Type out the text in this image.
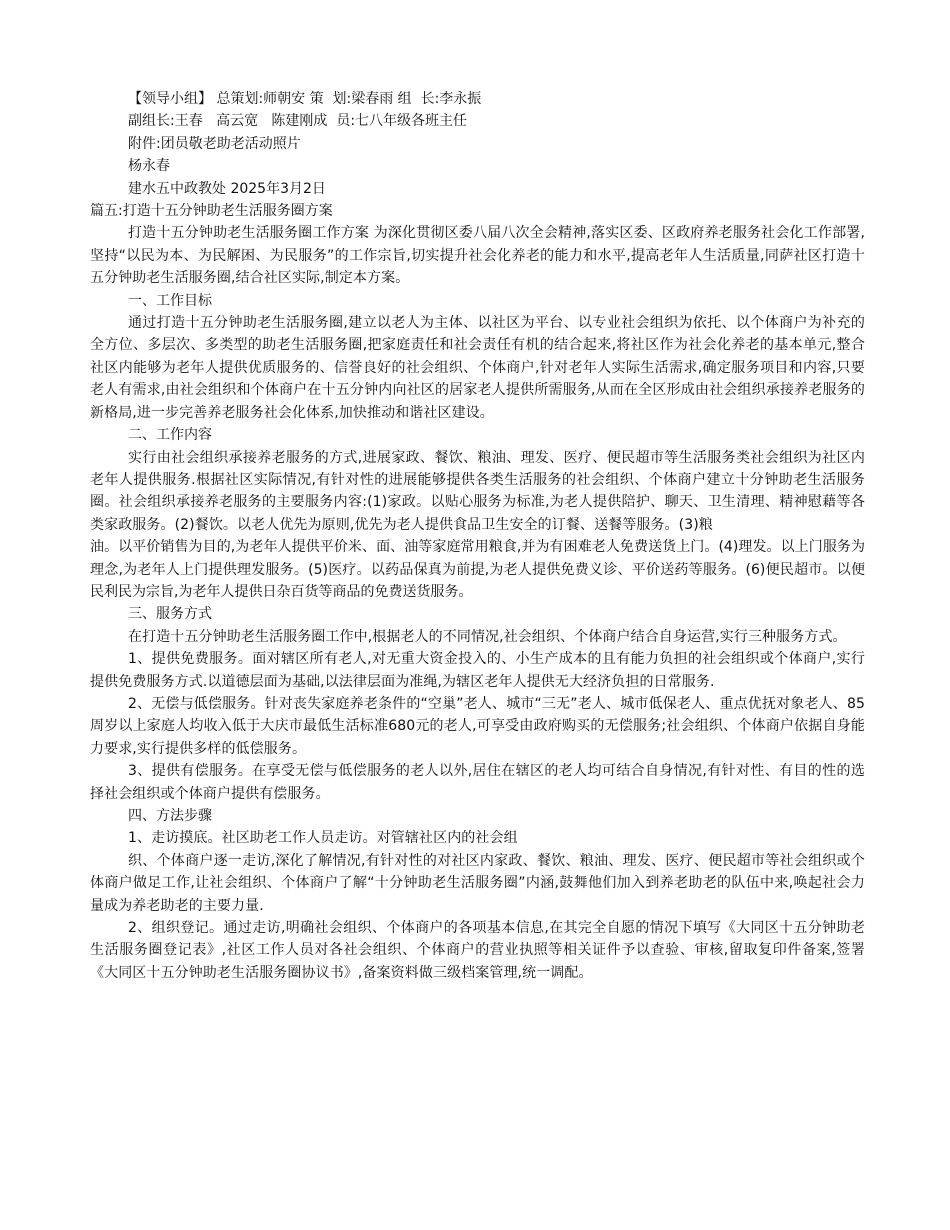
【领导小组】 总策划:师朝安 策  划:梁春雨 组  长:李永振

副组长:王春   高云宽   陈建刚成  员:七八年级各班主任

附件:团员敬老助老活动照片

杨永春

建水五中政教处 2025年3月2日

篇五:打造十五分钟助老生活服务圈方案

打造十五分钟助老生活服务圈工作方案 为深化贯彻区委八届八次全会精神,落实区委、区政府养老服务社会化工作部署,坚持“以民为本、为民解困、为民服务”的工作宗旨,切实提升社会化养老的能力和水平,提高老年人生活质量,同萨社区打造十五分钟助老生活服务圈,结合社区实际,制定本方案。

一、工作目标

通过打造十五分钟助老生活服务圈,建立以老人为主体、以社区为平台、以专业社会组织为依托、以个体商户为补充的全方位、多层次、多类型的助老生活服务圈,把家庭责任和社会责任有机的结合起来,将社区作为社会化养老的基本单元,整合社区内能够为老年人提供优质服务的、信誉良好的社会组织、个体商户,针对老年人实际生活需求,确定服务项目和内容,只要老人有需求,由社会组织和个体商户在十五分钟内向社区的居家老人提供所需服务,从而在全区形成由社会组织承接养老服务的新格局,进一步完善养老服务社会化体系,加快推动和谐社区建设。

二、工作内容

实行由社会组织承接养老服务的方式,进展家政、餐饮、粮油、理发、医疗、便民超市等生活服务类社会组织为社区内老年人提供服务.根据社区实际情况,有针对性的进展能够提供各类生活服务的社会组织、个体商户建立十分钟助老生活服务圈。社会组织承接养老服务的主要服务内容:(1)家政。以贴心服务为标准,为老人提供陪护、聊天、卫生清理、精神慰藉等各类家政服务。(2)餐饮。以老人优先为原则,优先为老人提供食品卫生安全的订餐、送餐等服务。(3)粮

油。以平价销售为目的,为老年人提供平价米、面、油等家庭常用粮食,并为有困难老人免费送货上门。(4)理发。以上门服务为理念,为老年人上门提供理发服务。(5)医疗。以药品保真为前提,为老人提供免费义诊、平价送药等服务。(6)便民超市。以便民利民为宗旨,为老年人提供日杂百货等商品的免费送货服务。

三、服务方式

在打造十五分钟助老生活服务圈工作中,根据老人的不同情况,社会组织、个体商户结合自身运营,实行三种服务方式。

1、提供免费服务。面对辖区所有老人,对无重大资金投入的、小生产成本的且有能力负担的社会组织或个体商户,实行提供免费服务方式.以道德层面为基础,以法律层面为准绳,为辖区老年人提供无大经济负担的日常服务.

2、无偿与低偿服务。针对丧失家庭养老条件的“空巢”老人、城市“三无”老人、城市低保老人、重点优抚对象老人、85周岁以上家庭人均收入低于大庆市最低生活标准680元的老人,可享受由政府购买的无偿服务;社会组织、个体商户依据自身能力要求,实行提供多样的低偿服务。

3、提供有偿服务。在享受无偿与低偿服务的老人以外,居住在辖区的老人均可结合自身情况,有针对性、有目的性的选择社会组织或个体商户提供有偿服务。

四、方法步骤

1、走访摸底。社区助老工作人员走访。对管辖社区内的社会组

织、个体商户逐一走访,深化了解情况,有针对性的对社区内家政、餐饮、粮油、理发、医疗、便民超市等社会组织或个体商户做足工作,让社会组织、个体商户了解“十分钟助老生活服务圈”内涵,鼓舞他们加入到养老助老的队伍中来,唤起社会力量成为养老助老的主要力量.

2、组织登记。通过走访,明确社会组织、个体商户的各项基本信息,在其完全自愿的情况下填写《大同区十五分钟助老生活服务圈登记表》,社区工作人员对各社会组织、个体商户的营业执照等相关证件予以查验、审核,留取复印件备案,签署《大同区十五分钟助老生活服务圈协议书》,备案资料做三级档案管理,统一调配。
